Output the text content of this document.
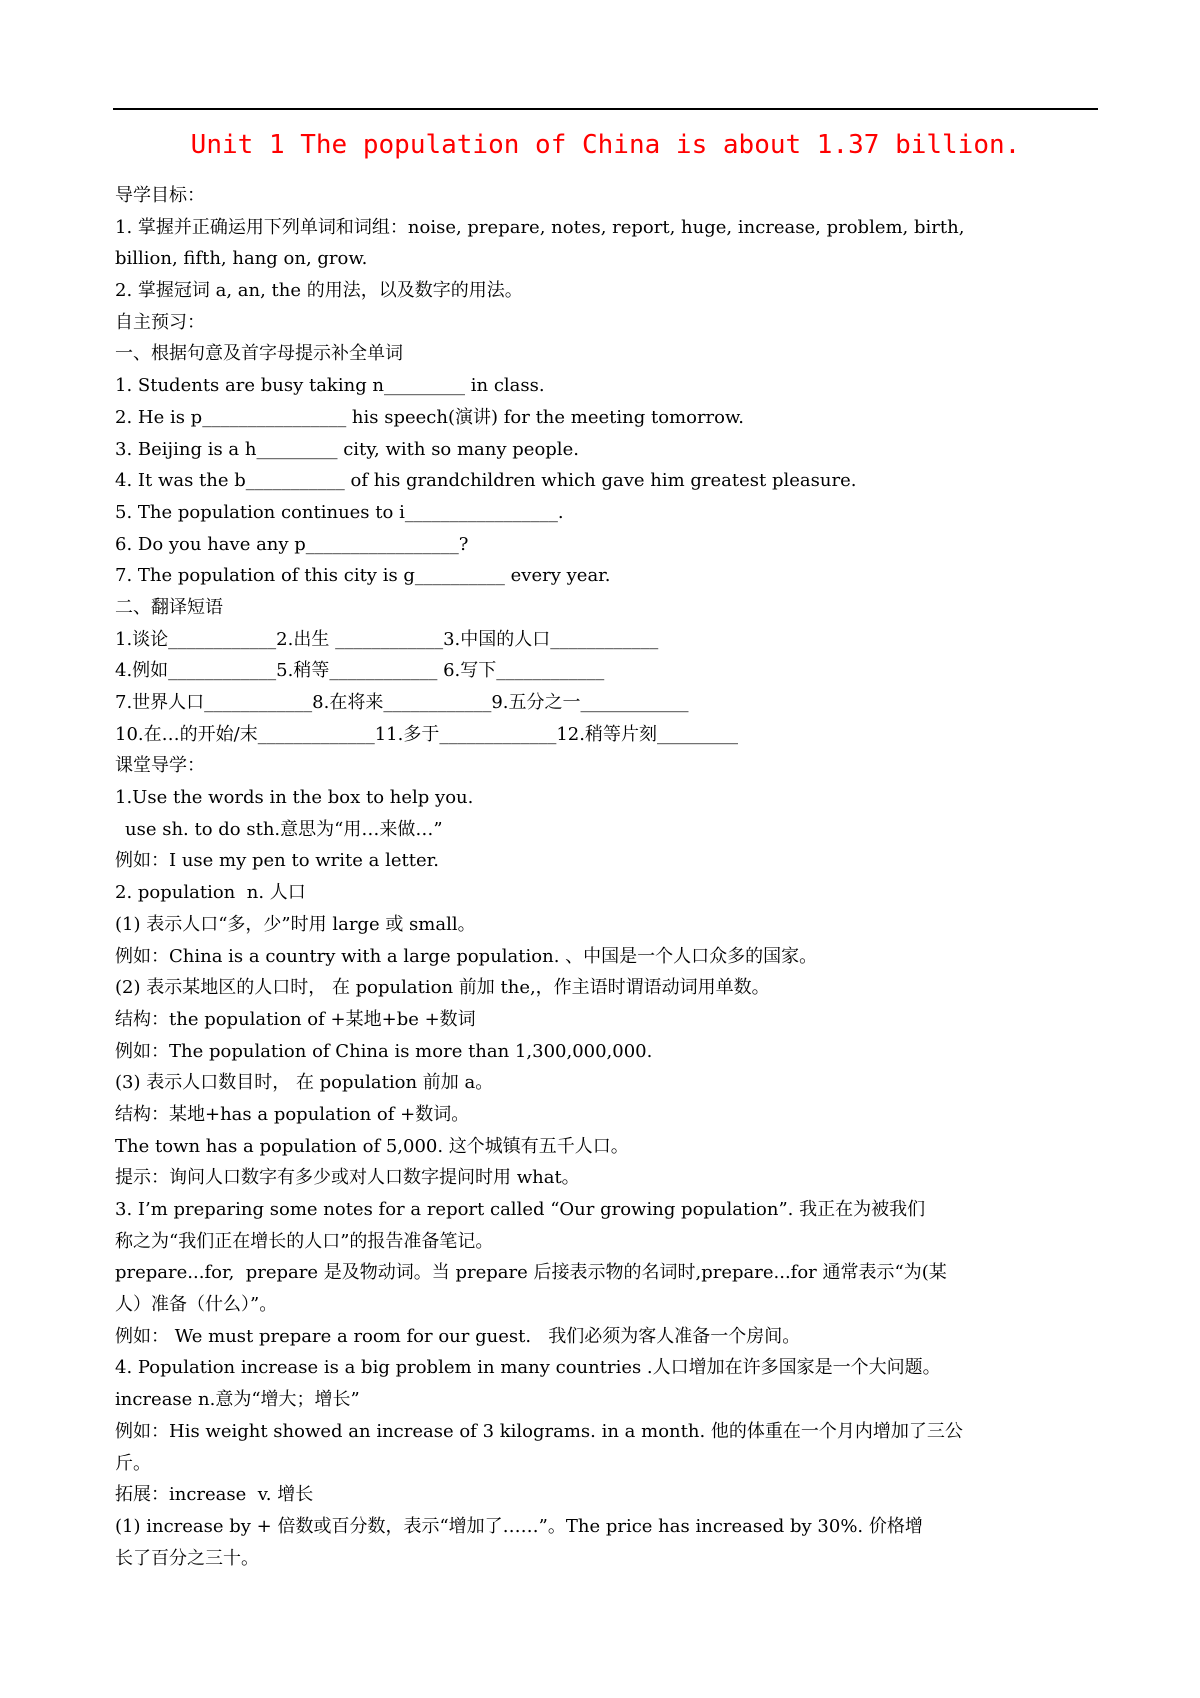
Unit 1 The population of China is about 1.37 billion.
导学目标：
1. 掌握并正确运用下列单词和词组：noise, prepare, notes, report, huge, increase, problem, birth,
billion, fifth, hang on, grow.
2. 掌握冠词 a, an, the 的用法，以及数字的用法。
自主预习：
一、根据句意及首字母提示补全单词
1. Students are busy taking n_________ in class.
2. He is p________________ his speech(演讲) for the meeting tomorrow.
3. Beijing is a h_________ city, with so many people.
4. It was the b___________ of his grandchildren which gave him greatest pleasure.
5. The population continues to i_________________.
6. Do you have any p_________________?
7. The population of this city is g__________ every year.
二、翻译短语
1.谈论____________2.出生 ____________3.中国的人口____________
4.例如____________5.稍等____________ 6.写下____________
7.世界人口____________8.在将来____________9.五分之一____________
10.在…的开始/末_____________11.多于_____________12.稍等片刻_________
课堂导学：
1.Use the words in the box to help you.
use sh. to do sth.意思为“用…来做…”
例如：I use my pen to write a letter.
2. population  n. 人口
(1) 表示人口“多，少”时用 large 或 small。
例如：China is a country with a large population. 、中国是一个人口众多的国家。
(2) 表示某地区的人口时， 在 population 前加 the,，作主语时谓语动词用单数。
结构：the population of +某地+be +数词
例如：The population of China is more than 1,300,000,000.
(3) 表示人口数目时， 在 population 前加 a。
结构：某地+has a population of +数词。
The town has a population of 5,000. 这个城镇有五千人口。
提示：询问人口数字有多少或对人口数字提问时用 what。
3. I’m preparing some notes for a report called “Our growing population”. 我正在为被我们
称之为“我们正在增长的人口”的报告准备笔记。
prepare...for,  prepare 是及物动词。当 prepare 后接表示物的名词时,prepare...for 通常表示“为(某
人）准备（什么）”。
例如： We must prepare a room for our guest.   我们必须为客人准备一个房间。
4. Population increase is a big problem in many countries .人口增加在许多国家是一个大问题。
increase n.意为“增大；增长”
例如：His weight showed an increase of 3 kilograms. in a month. 他的体重在一个月内增加了三公
斤。
拓展：increase  v. 增长
(1) increase by + 倍数或百分数，表示“增加了……”。The price has increased by 30%. 价格增
长了百分之三十。
